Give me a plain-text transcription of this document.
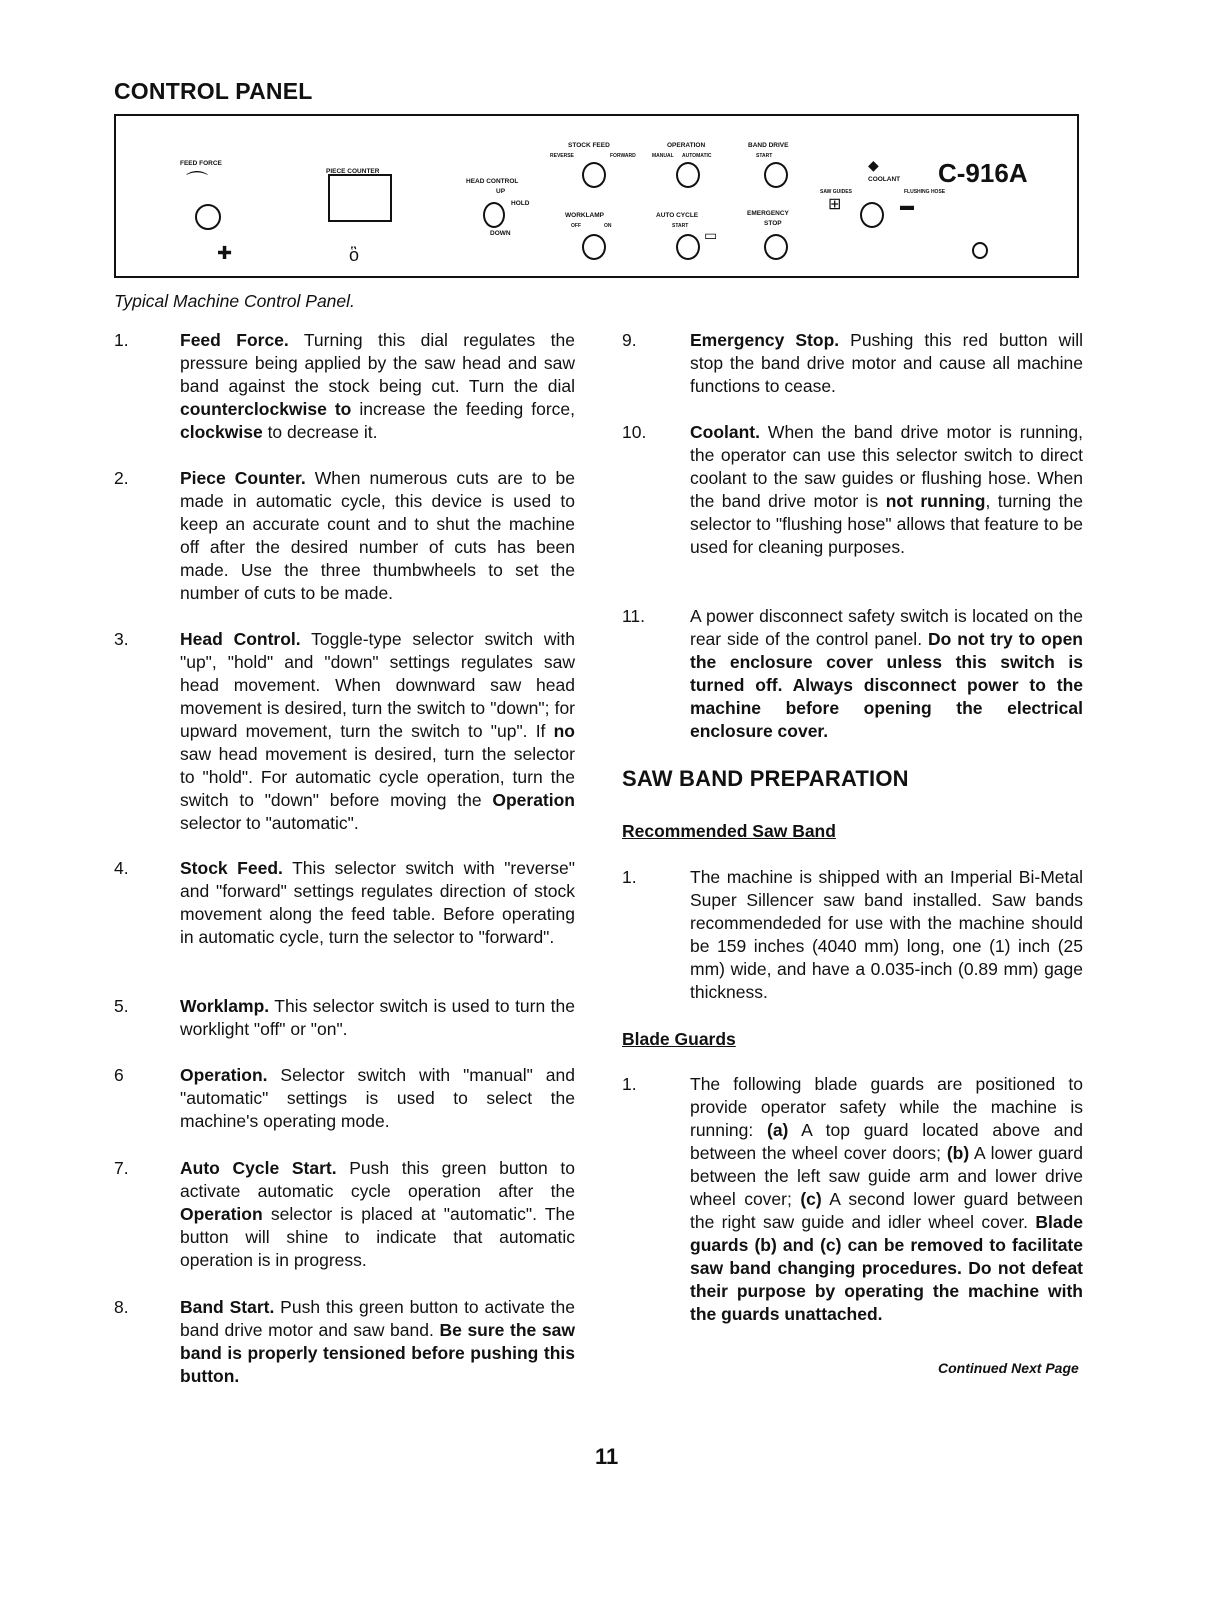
CONTROL PANEL
FEED FORCE
⌒
✚
PIECE COUNTER
ὃ
HEAD CONTROL
UP
HOLD
DOWN
STOCK FEED
REVERSE	FORWARD
WORKLAMP
OFF	ON
OPERATION
MANUAL AUTOMATIC
AUTO CYCLE
START
▭
BAND DRIVE
START
EMERGENCY
STOP
◆
COOLANT
SAW GUIDES	FLUSHING HOSE
⊞	▬
C-916A
Typical Machine Control Panel.
1.	Feed Force. Turning this dial regulates the pressure being applied by the saw head and saw band against the stock being cut. Turn the dial counterclockwise to increase the feeding force, clockwise to decrease it.
2.	Piece Counter. When numerous cuts are to be made in automatic cycle, this device is used to keep an accurate count and to shut the machine off after the desired number of cuts has been made. Use the three thumbwheels to set the number of cuts to be made.
3.	Head Control. Toggle-type selector switch with "up", "hold" and "down" settings regulates saw head movement. When downward saw head movement is desired, turn the switch to "down"; for upward movement, turn the switch to "up". If no saw head movement is desired, turn the selector to "hold". For automatic cycle operation, turn the switch to "down" before moving the Operation selector to "automatic".
4.	Stock Feed. This selector switch with "reverse" and "forward" settings regulates direction of stock movement along the feed table. Before operating in automatic cycle, turn the selector to "forward".
5.	Worklamp. This selector switch is used to turn the worklight "off" or "on".
6	Operation. Selector switch with "manual" and "automatic" settings is used to select the machine's operating mode.
7.	Auto Cycle Start. Push this green button to activate automatic cycle operation after the Operation selector is placed at "automatic". The button will shine to indicate that automatic operation is in progress.
8.	Band Start. Push this green button to activate the band drive motor and saw band. Be sure the saw band is properly tensioned before pushing this button.
9.	Emergency Stop. Pushing this red button will stop the band drive motor and cause all machine functions to cease.
10. Coolant. When the band drive motor is running, the operator can use this selector switch to direct coolant to the saw guides or flushing hose. When the band drive motor is not running, turning the selector to "flushing hose" allows that feature to be used for cleaning purposes.
11.	A power disconnect safety switch is located on the rear side of the control panel. Do not try to open the enclosure cover unless this switch is turned off. Always disconnect power to the machine before opening the electrical enclosure cover.
SAW BAND PREPARATION
Recommended Saw Band
1.	The machine is shipped with an Imperial Bi-Metal Super Sillencer saw band installed. Saw bands recommendeded for use with the machine should be 159 inches (4040 mm) long, one (1) inch (25 mm) wide, and have a 0.035-inch (0.89 mm) gage thickness.
Blade Guards
1.	The following blade guards are positioned to provide operator safety while the machine is running: (a) A top guard located above and between the wheel cover doors; (b) A lower guard between the left saw guide arm and lower drive wheel cover; (c) A second lower guard between the right saw guide and idler wheel cover. Blade guards (b) and (c) can be removed to facilitate saw band changing procedures. Do not defeat their purpose by operating the machine with the guards unattached.
Continued Next Page
11
